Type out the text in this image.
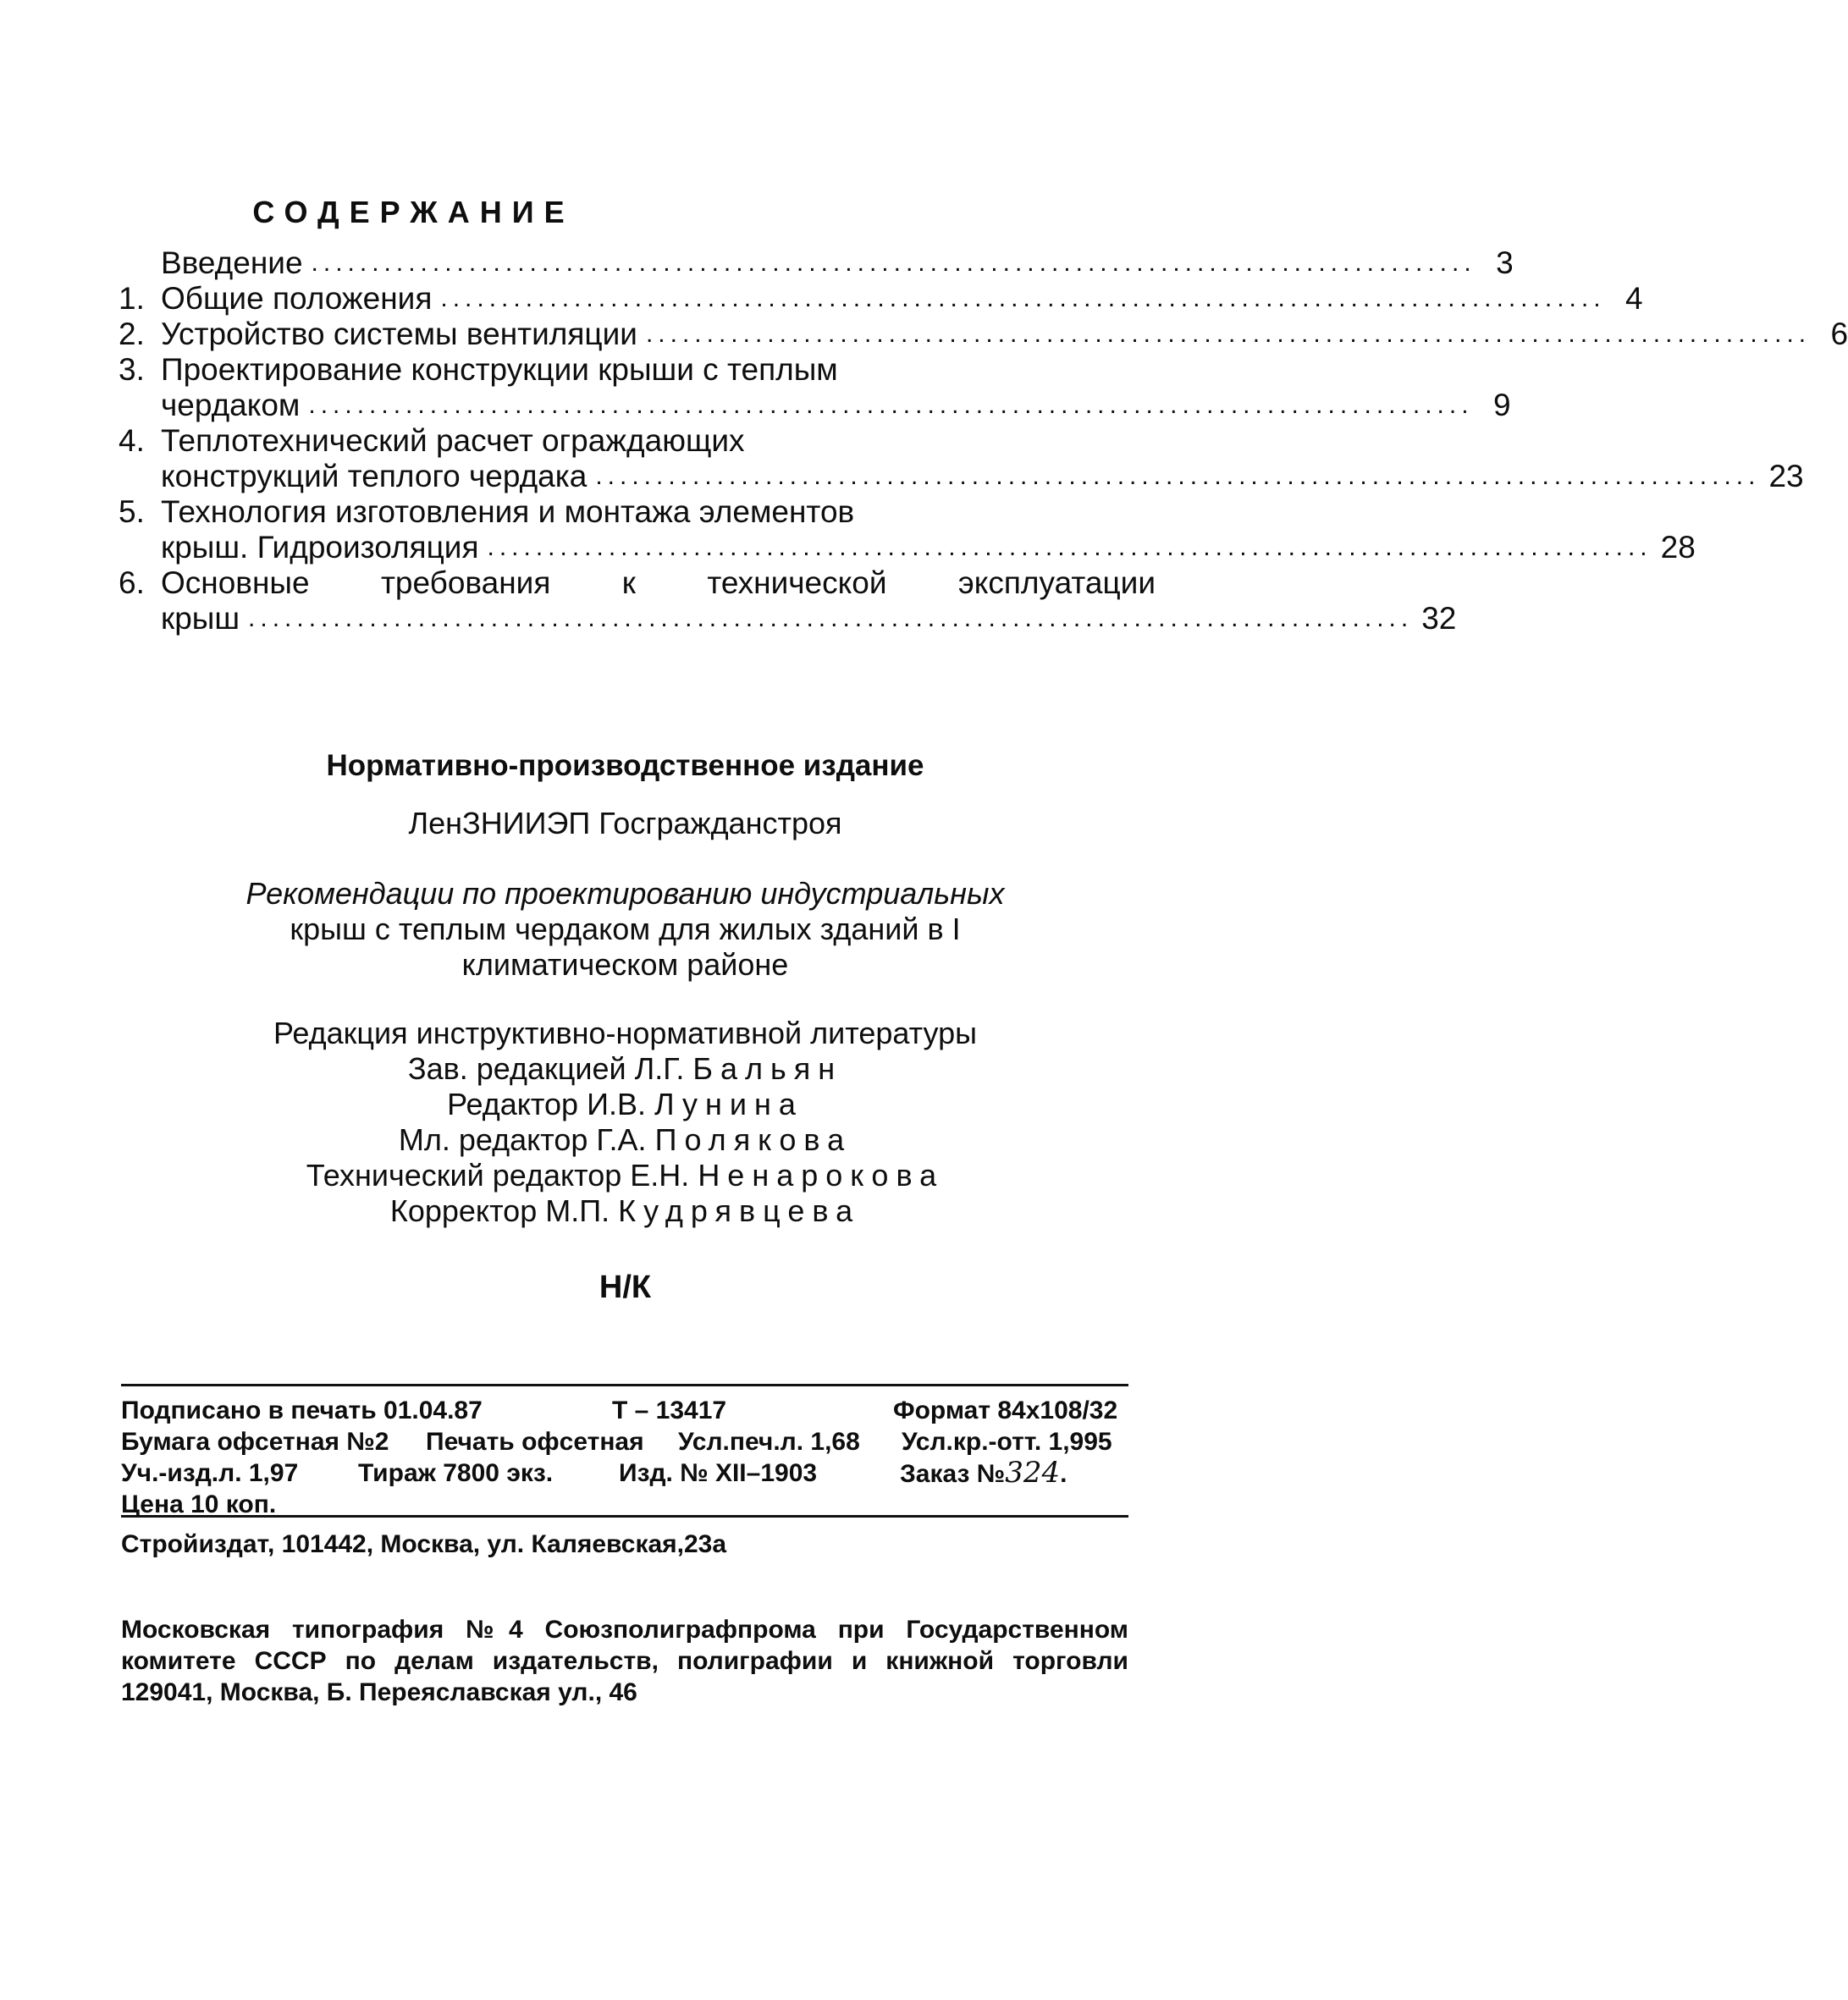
СОДЕРЖАНИЕ
Введение ................................................................................................ 3
1. Общие положения ................................................................................................ 4
2. Устройство системы вентиляции ................................................................................................ 6
3. Проектирование конструкции крыши с теплым
чердаком ................................................................................................ 9
4. Теплотехнический расчет ограждающих
конструкций теплого чердака ................................................................................................ 23
5. Технология изготовления и монтажа элементов
крыш. Гидроизоляция ................................................................................................ 28
6. Основные требования к технической эксплуатации
крыш ................................................................................................ 32
Нормативно-производственное издание
ЛенЗНИИЭП Госгражданстроя
Рекомендации по проектированию индустриальных
крыш с теплым чердаком для жилых зданий в I
климатическом районе
Редакция инструктивно-нормативной литературы
Зав. редакцией Л.Г. Бальян
Редактор И.В. Лунина
Мл. редактор Г.А. Полякова
Технический редактор Е.Н. Ненарокова
Корректор М.П. Кудрявцева
Н/К
Подписано в печать 01.04.87	Т – 13417	Формат 84х108/32
Бумага офсетная №2 Печать офсетная Усл.печ.л. 1,68 Усл.кр.-отт. 1,995
Уч.-изд.л. 1,97 Тираж 7800 экз.	Изд. № XII–1903	Заказ №324.
Цена 10 коп.
Стройиздат, 101442, Москва, ул. Каляевская,23а
Московская типография №4 Союзполиграфпрома при Государственном
комитете СССР по делам издательств, полиграфии и книжной торговли
129041, Москва, Б. Переяславская ул., 46
